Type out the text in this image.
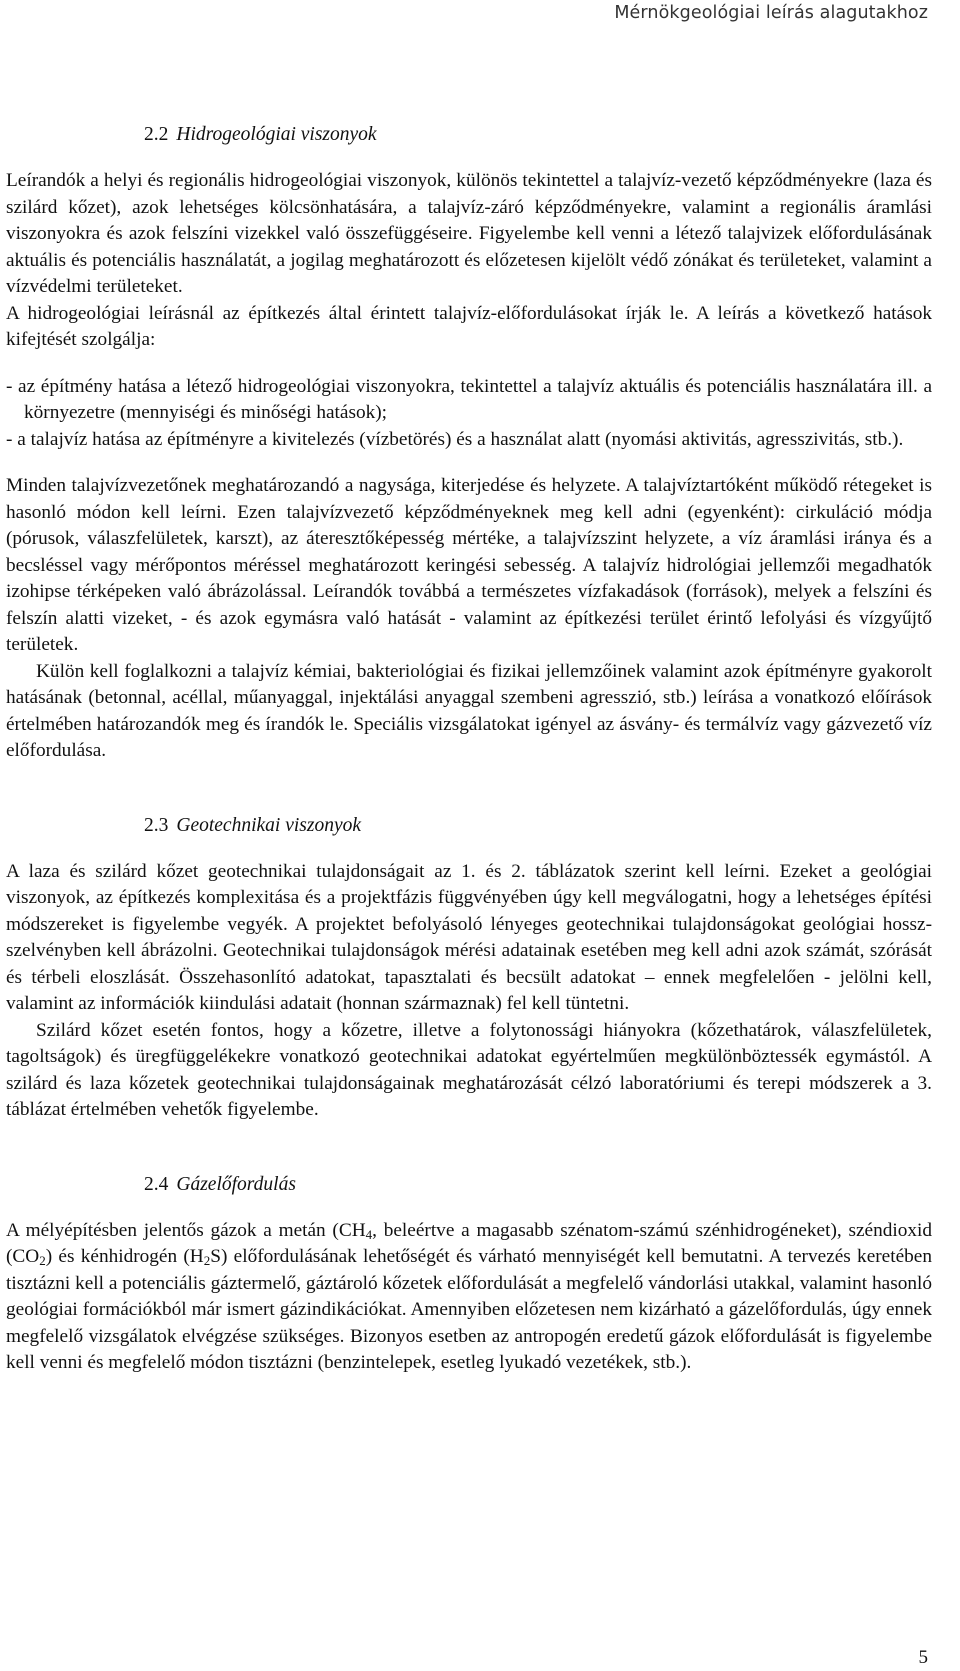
Mérnökgeológiai leírás alagutakhoz
2.2 Hidrogeológiai viszonyok

Leírandók a helyi és regionális hidrogeológiai viszonyok, különös tekintettel a talajvíz-vezető képződményekre (laza és szilárd kőzet), azok lehetséges kölcsönhatására, a talajvíz-záró képződményekre, valamint a regionális áramlási viszonyokra és azok felszíni vizekkel való összefüggéseire. Figyelembe kell venni a létező talajvizek előfordulásának aktuális és potenciális használatát, a jogilag meghatározott és előzetesen kijelölt védő zónákat és területeket, valamint a vízvédelmi területeket.

A hidrogeológiai leírásnál az építkezés által érintett talajvíz-előfordulásokat írják le. A leírás a következő hatások kifejtését szolgálja:

- az építmény hatása a létező hidrogeológiai viszonyokra, tekintettel a talajvíz aktuális és potenciális használatára ill. a környezetre (mennyiségi és minőségi hatások);

- a talajvíz hatása az építményre a kivitelezés (vízbetörés) és a használat alatt (nyomási aktivitás, agresszivitás, stb.).

Minden talajvízvezetőnek meghatározandó a nagysága, kiterjedése és helyzete. A talajvíztartóként működő rétegeket is hasonló módon kell leírni. Ezen talajvízvezető képződményeknek meg kell adni (egyenként): cirkuláció módja (pórusok, válaszfelületek, karszt), az áteresztőképesség mértéke, a talajvízszint helyzete, a víz áramlási iránya és a becsléssel vagy mérőpontos méréssel meghatározott keringési sebesség. A talajvíz hidrológiai jellemzői megadhatók izohipse térképeken való ábrázolással. Leírandók továbbá a természetes vízfakadások (források), melyek a felszíni és felszín alatti vizeket, - és azok egymásra való hatását - valamint az építkezési terület érintő lefolyási és vízgyűjtő területek.

Külön kell foglalkozni a talajvíz kémiai, bakteriológiai és fizikai jellemzőinek valamint azok építményre gyakorolt hatásának (betonnal, acéllal, műanyaggal, injektálási anyaggal szembeni agresszió, stb.) leírása a vonatkozó előírások értelmében határozandók meg és írandók le. Speciális vizsgálatokat igényel az ásvány- és termálvíz vagy gázvezető víz előfordulása.

2.3 Geotechnikai viszonyok

A laza és szilárd kőzet geotechnikai tulajdonságait az 1. és 2. táblázatok szerint kell leírni. Ezeket a geológiai viszonyok, az építkezés komplexitása és a projektfázis függvényében úgy kell megválogatni, hogy a lehetséges építési módszereket is figyelembe vegyék. A projektet befolyásoló lényeges geotechnikai tulajdonságokat geológiai hossz-szelvényben kell ábrázolni. Geotechnikai tulajdonságok mérési adatainak esetében meg kell adni azok számát, szórását és térbeli eloszlását. Összehasonlító adatokat, tapasztalati és becsült adatokat – ennek megfelelően - jelölni kell, valamint az információk kiindulási adatait (honnan származnak) fel kell tüntetni.

Szilárd kőzet esetén fontos, hogy a kőzetre, illetve a folytonossági hiányokra (kőzethatárok, válaszfelületek, tagoltságok) és üregfüggelékekre vonatkozó geotechnikai adatokat egyértelműen megkülönböztessék egymástól. A szilárd és laza kőzetek geotechnikai tulajdonságainak meghatározását célzó laboratóriumi és terepi módszerek a 3. táblázat értelmében vehetők figyelembe.

2.4 Gázelőfordulás

A mélyépítésben jelentős gázok a metán ($CH_4$, beleértve a magasabb szénatom-számú szénhidrogéneket), széndioxid $(CO_2)$ és kénhidrogén $(H_2S)$ előfordulásának lehetőségét és várható mennyiségét kell bemutatni. A tervezés keretében tisztázni kell a potenciális gáztermelő, gáztároló kőzetek előfordulását a megfelelő vándorlási utakkal, valamint hasonló geológiai formációkból már ismert gázindikációkat. Amennyiben előzetesen nem kizárható a gázelőfordulás, úgy ennek megfelelő vizsgálatok elvégzése szükséges. Bizonyos esetben az antropogén eredetű gázok előfordulását is figyelembe kell venni és megfelelő módon tisztázni (benzintelepek, esetleg lyukadó vezetékek, stb.).

5
